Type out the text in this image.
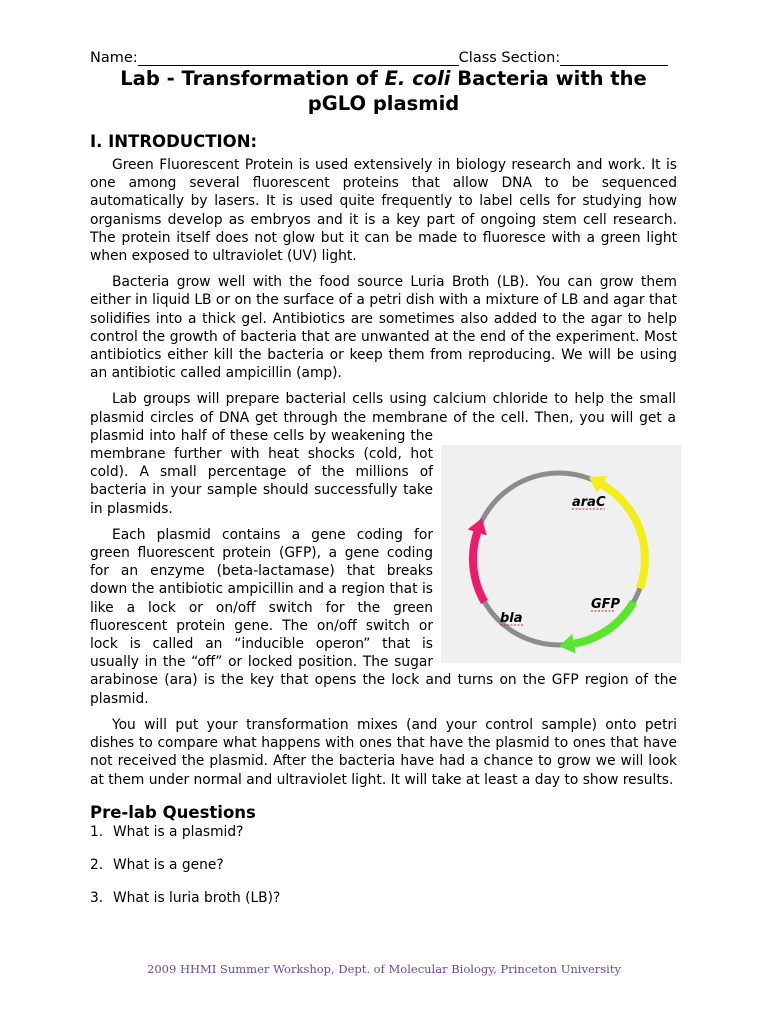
Name:	Class Section:
Lab - Transformation of E. coli Bacteria with the pGLO plasmid
I. INTRODUCTION:

Green Fluorescent Protein is used extensively in biology research and work. It is one among several fluorescent proteins that allow DNA to be sequenced automatically by lasers. It is used quite frequently to label cells for studying how organisms develop as embryos and it is a key part of ongoing stem cell research. The protein itself does not glow but it can be made to fluoresce with a green light when exposed to ultraviolet (UV) light.

Bacteria grow well with the food source Luria Broth (LB). You can grow them either in liquid LB or on the surface of a petri dish with a mixture of LB and agar that solidifies into a thick gel. Antibiotics are sometimes also added to the agar to help control the growth of bacteria that are unwanted at the end of the experiment. Most antibiotics either kill the bacteria or keep them from reproducing. We will be using an antibiotic called ampicillin (amp).

araC
GFP
bla
Lab groups will prepare bacterial cells using calcium chloride to help the small plasmid circles of DNA get through the membrane of the cell. Then, you will get a plasmid into half of these cells by weakening the membrane further with heat shocks (cold, hot cold). A small percentage of the millions of bacteria in your sample should successfully take in plasmids.

Each plasmid contains a gene coding for green fluorescent protein (GFP), a gene coding for an enzyme (beta-lactamase) that breaks down the antibiotic ampicillin and a region that is like a lock or on/off switch for the green fluorescent protein gene. The on/off switch or lock is called an “inducible operon” that is usually in the “off” or locked position. The sugar arabinose (ara) is the key that opens the lock and turns on the GFP region of the plasmid.

You will put your transformation mixes (and your control sample) onto petri dishes to compare what happens with ones that have the plasmid to ones that have not received the plasmid. After the bacteria have had a chance to grow we will look at them under normal and ultraviolet light. It will take at least a day to show results.

Pre-lab Questions
1. What is a plasmid?
2. What is a gene?
3. What is luria broth (LB)?
2009 HHMI Summer Workshop, Dept. of Molecular Biology, Princeton University
